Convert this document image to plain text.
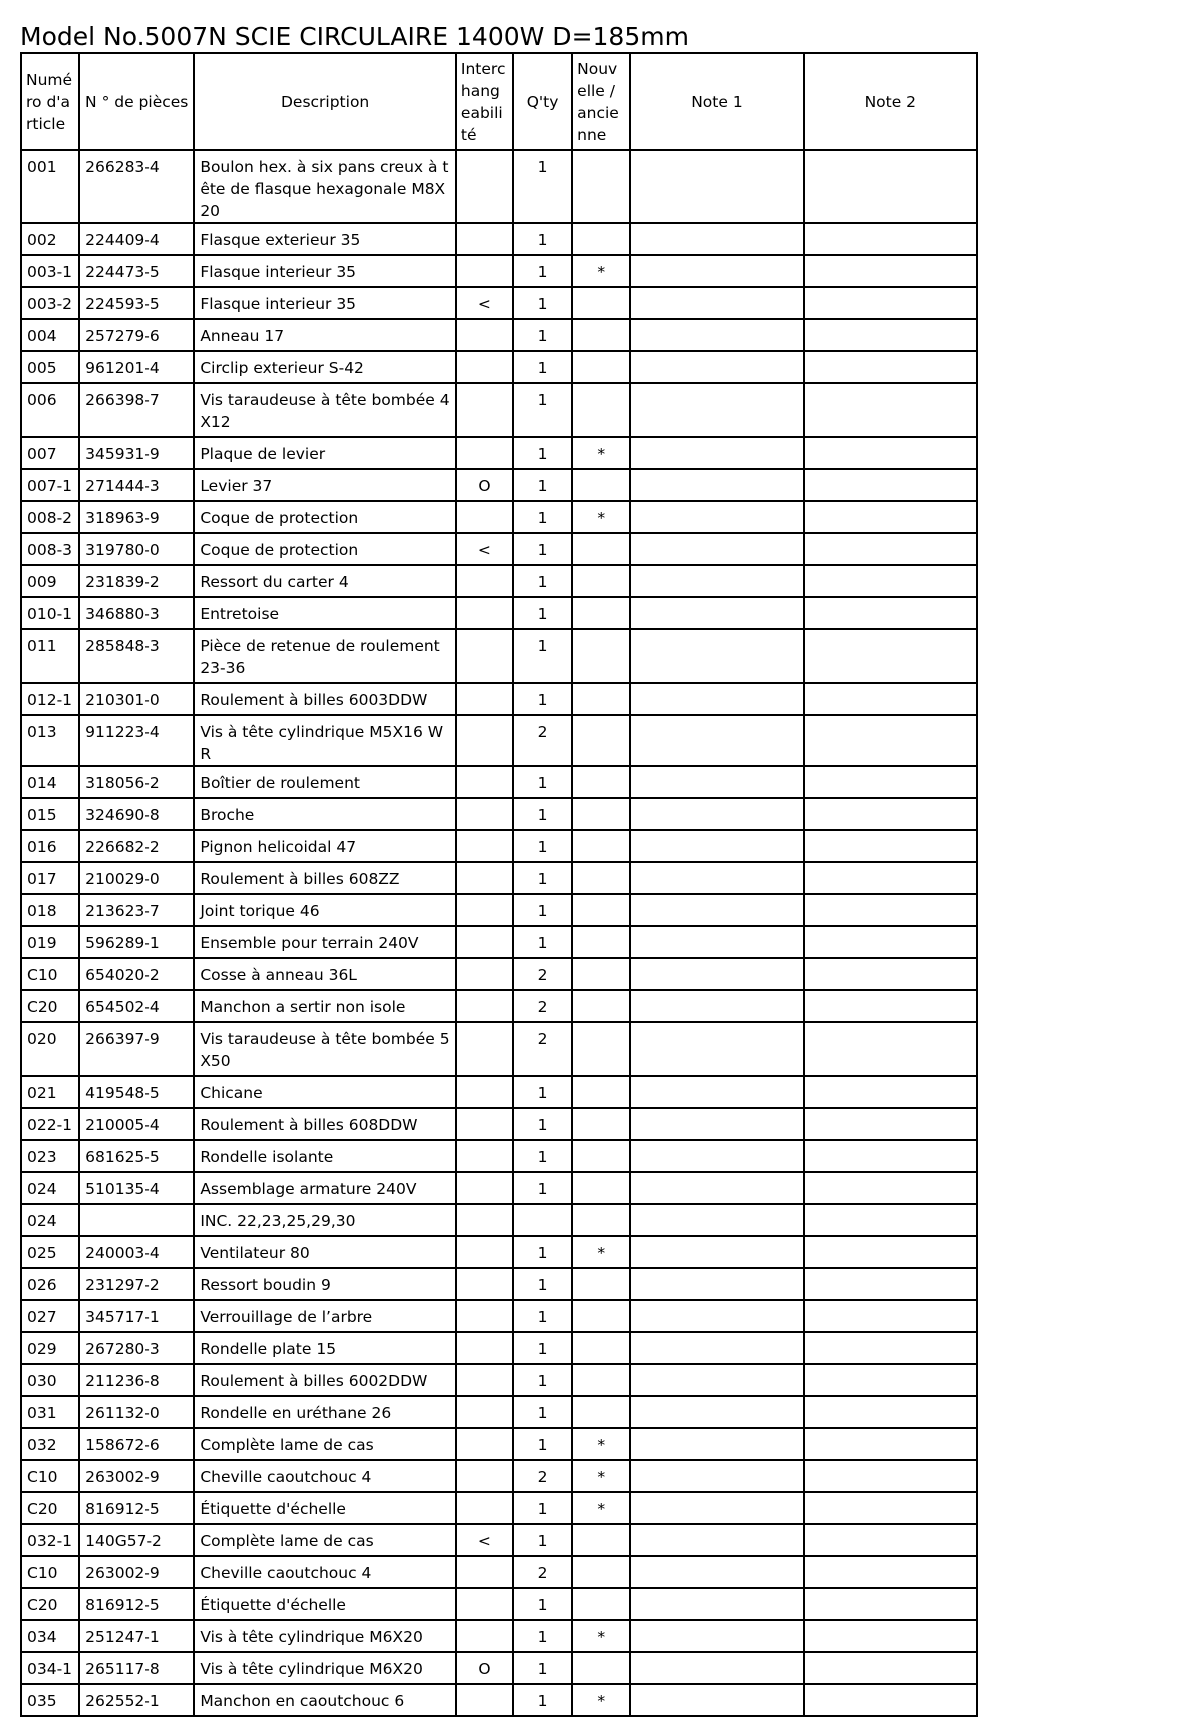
Model No.5007N SCIE CIRCULAIRE 1400W D=185mm
Numéro d'article	N ° de pièces	Description	Interchangeabilité	Q'ty	Nouvelle / ancienne	Note 1	Note 2
001	266283-4	Boulon hex. à six pans creux à tête de flasque hexagonale M8X20		1			
002	224409-4	Flasque exterieur 35		1			
003-1	224473-5	Flasque interieur 35		1	*		
003-2	224593-5	Flasque interieur 35	<	1			
004	257279-6	Anneau 17		1			
005	961201-4	Circlip exterieur S-42		1			
006	266398-7	Vis taraudeuse à tête bombée 4X12		1			
007	345931-9	Plaque de levier		1	*		
007-1	271444-3	Levier 37	O	1			
008-2	318963-9	Coque de protection		1	*		
008-3	319780-0	Coque de protection	<	1			
009	231839-2	Ressort du carter 4		1			
010-1	346880-3	Entretoise		1			
011	285848-3	Pièce de retenue de roulement 23-36		1			
012-1	210301-0	Roulement à billes 6003DDW		1			
013	911223-4	Vis à tête cylindrique M5X16 WR		2			
014	318056-2	Boîtier de roulement		1			
015	324690-8	Broche		1			
016	226682-2	Pignon helicoidal 47		1			
017	210029-0	Roulement à billes 608ZZ		1			
018	213623-7	Joint torique 46		1			
019	596289-1	Ensemble pour terrain 240V		1			
C10	654020-2	Cosse à anneau 36L		2			
C20	654502-4	Manchon a sertir non isole		2			
020	266397-9	Vis taraudeuse à tête bombée 5X50		2			
021	419548-5	Chicane		1			
022-1	210005-4	Roulement à billes 608DDW		1			
023	681625-5	Rondelle isolante		1			
024	510135-4	Assemblage armature 240V		1			
024		INC. 22,23,25,29,30					
025	240003-4	Ventilateur 80		1	*		
026	231297-2	Ressort boudin 9		1			
027	345717-1	Verrouillage de l’arbre		1			
029	267280-3	Rondelle plate 15		1			
030	211236-8	Roulement à billes 6002DDW		1			
031	261132-0	Rondelle en uréthane 26		1			
032	158672-6	Complète lame de cas		1	*		
C10	263002-9	Cheville caoutchouc 4		2	*		
C20	816912-5	Étiquette d'échelle		1	*		
032-1	140G57-2	Complète lame de cas	<	1			
C10	263002-9	Cheville caoutchouc 4		2			
C20	816912-5	Étiquette d'échelle		1			
034	251247-1	Vis à tête cylindrique M6X20		1	*		
034-1	265117-8	Vis à tête cylindrique M6X20	O	1			
035	262552-1	Manchon en caoutchouc 6		1	*		
